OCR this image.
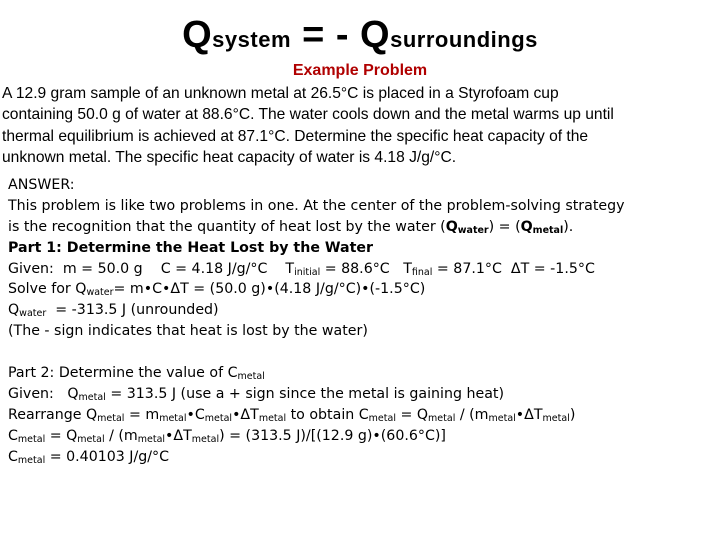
Qsystem = - Qsurroundings
Example Problem
A 12.9 gram sample of an unknown metal at 26.5°C is placed in a Styrofoam cup
containing 50.0 g of water at 88.6°C. The water cools down and the metal warms up until
thermal equilibrium is achieved at 87.1°C. Determine the specific heat capacity of the
unknown metal. The specific heat capacity of water is 4.18 J/g/°C.
ANSWER:
This problem is like two problems in one. At the center of the problem-solving strategy
is the recognition that the quantity of heat lost by the water $(Q_{water}) = (Q_{metal})$.
Part 1: Determine the Heat Lost by the Water
Given:  m = 50.0 g    C = 4.18 J/g/°C    $T_{initial} = 88.6^\circ C$   $T_{final} = 87.1^\circ C$  ΔT = -1.5°C
Solve for $Q_{water}=$ m•C•ΔT = (50.0 g)•(4.18 J/g/°C)•(-1.5°C)
$Q_{water} = -313.5$ J (unrounded)
(The - sign indicates that heat is lost by the water)
Part 2: Determine the value of $C_{metal}$
Given:   $Q_{metal} = 313.5$ J (use a + sign since the metal is gaining heat)
Rearrange $Q_{metal}$ = $m_{metal}•C_{metal}•\Delta T_{metal}$ to obtain $C_{metal} = Q_{metal}$ / $(m_{metal}•\Delta T_{metal})$
$C_{metal} = Q_{metal}$ / $(m_{metal}•\Delta T_{metal}) = (313.5$ J)/[(12.9 g)•(60.6°C)]
$C_{metal} = 0.40103$ J/g/°C
